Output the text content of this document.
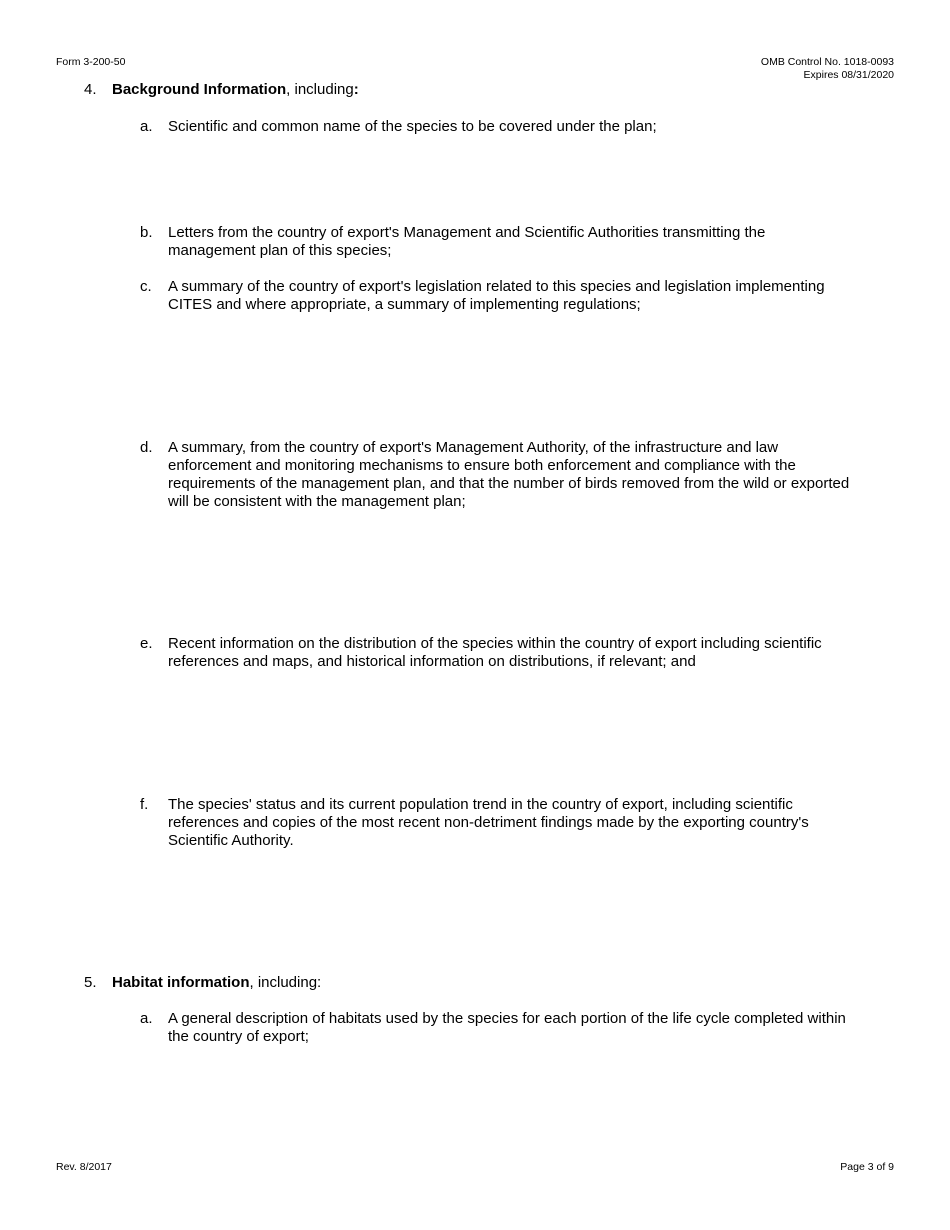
Form 3-200-50	OMB Control No. 1018-0093
Expires 08/31/2020
4. Background Information, including:
a.	Scientific and common name of the species to be covered under the plan;
b.	Letters from the country of export's Management and Scientific Authorities transmitting the management plan of this species;
c.	A summary of the country of export's legislation related to this species and legislation implementing CITES and where appropriate, a summary of implementing regulations;
d.	A summary, from the country of export's Management Authority, of the infrastructure and law enforcement and monitoring mechanisms to ensure both enforcement and compliance with the requirements of the management plan, and that the number of birds removed from the wild or exported will be consistent with the management plan;
e.	Recent information on the distribution of the species within the country of export including scientific references and maps, and historical information on distributions, if relevant; and
f.	The species' status and its current population trend in the country of export, including scientific references and copies of the most recent non-detriment findings made by the exporting country's Scientific Authority.
5. Habitat information, including:
a.	A general description of habitats used by the species for each portion of the life cycle completed within the country of export;
Rev. 8/2017	Page 3 of 9
